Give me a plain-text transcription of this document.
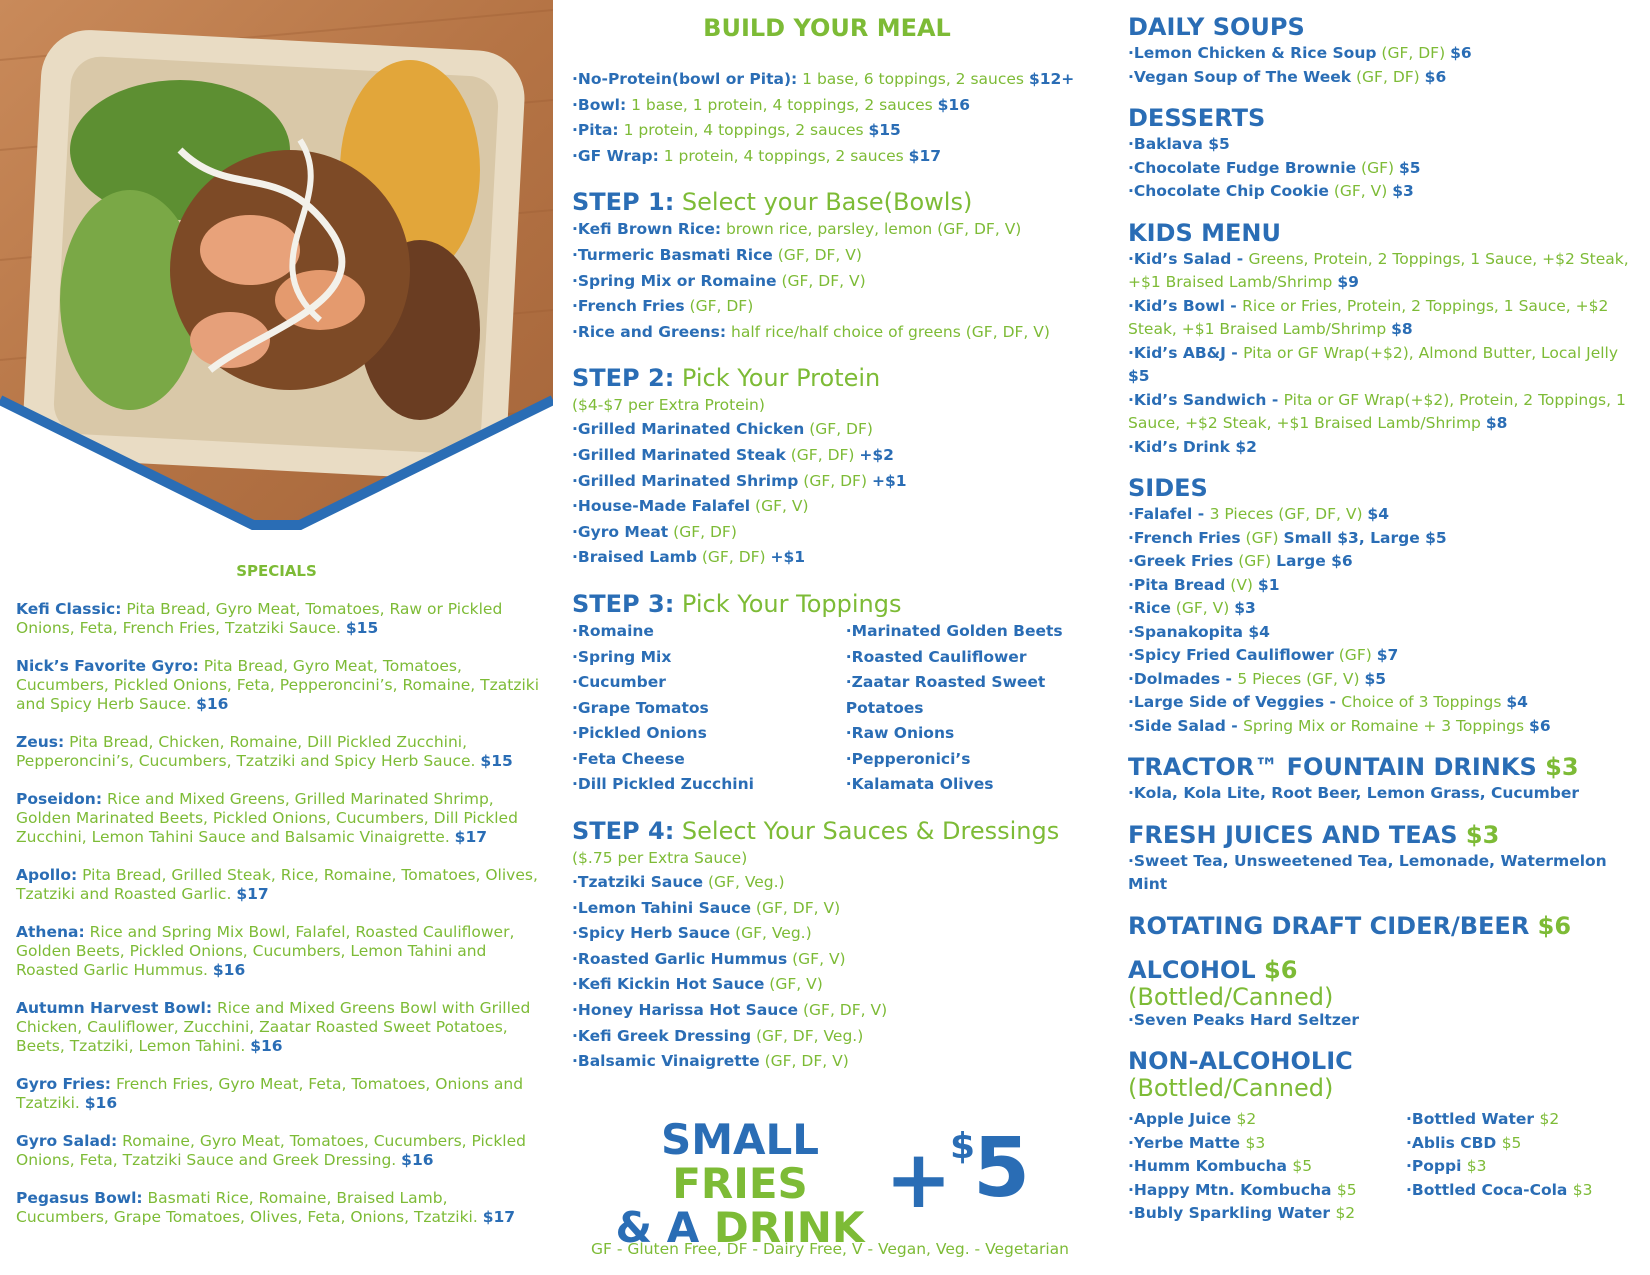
SPECIALS
Kefi Classic: Pita Bread, Gyro Meat, Tomatoes, Raw or Pickled Onions, Feta, French Fries, Tzatziki Sauce. $15
Nick’s Favorite Gyro: Pita Bread, Gyro Meat, Tomatoes, Cucumbers, Pickled Onions, Feta, Pepperoncini’s, Romaine, Tzatziki and Spicy Herb Sauce. $16
Zeus: Pita Bread, Chicken, Romaine, Dill Pickled Zucchini, Pepperoncini’s, Cucumbers, Tzatziki and Spicy Herb Sauce. $15
Poseidon: Rice and Mixed Greens, Grilled Marinated Shrimp, Golden Marinated Beets, Pickled Onions, Cucumbers, Dill Pickled Zucchini, Lemon Tahini Sauce and Balsamic Vinaigrette. $17
Apollo: Pita Bread, Grilled Steak, Rice, Romaine, Tomatoes, Olives, Tzatziki and Roasted Garlic. $17
Athena: Rice and Spring Mix Bowl, Falafel, Roasted Cauliflower, Golden Beets, Pickled Onions, Cucumbers, Lemon Tahini and Roasted Garlic Hummus. $16
Autumn Harvest Bowl: Rice and Mixed Greens Bowl with Grilled Chicken, Cauliflower, Zucchini, Zaatar Roasted Sweet Potatoes, Beets, Tzatziki, Lemon Tahini. $16
Gyro Fries: French Fries, Gyro Meat, Feta, Tomatoes, Onions and Tzatziki. $16
Gyro Salad: Romaine, Gyro Meat, Tomatoes, Cucumbers, Pickled Onions, Feta, Tzatziki Sauce and Greek Dressing. $16
Pegasus Bowl: Basmati Rice, Romaine, Braised Lamb, Cucumbers, Grape Tomatoes, Olives, Feta, Onions, Tzatziki. $17
BUILD YOUR MEAL
·No-Protein(bowl or Pita): 1 base, 6 toppings, 2 sauces $12+
·Bowl: 1 base, 1 protein, 4 toppings, 2 sauces $16
·Pita: 1 protein, 4 toppings, 2 sauces $15
·GF Wrap: 1 protein, 4 toppings, 2 sauces $17
STEP 1: Select your Base(Bowls)
·Kefi Brown Rice: brown rice, parsley, lemon (GF, DF, V)
·Turmeric Basmati Rice (GF, DF, V)
·Spring Mix or Romaine (GF, DF, V)
·French Fries (GF, DF)
·Rice and Greens: half rice/half choice of greens (GF, DF, V)
STEP 2: Pick Your Protein
($4-$7 per Extra Protein)
·Grilled Marinated Chicken (GF, DF)
·Grilled Marinated Steak (GF, DF) +$2
·Grilled Marinated Shrimp (GF, DF) +$1
·House-Made Falafel (GF, V)
·Gyro Meat (GF, DF)
·Braised Lamb (GF, DF) +$1
STEP 3: Pick Your Toppings
·Romaine
·Spring Mix
·Cucumber
·Grape Tomatos
·Pickled Onions
·Feta Cheese
·Dill Pickled Zucchini
·Marinated Golden Beets
·Roasted Cauliflower
·Zaatar Roasted Sweet
Potatoes
·Raw Onions
·Pepperonici’s
·Kalamata Olives
STEP 4: Select Your Sauces & Dressings
($.75 per Extra Sauce)
·Tzatziki Sauce (GF, Veg.)
·Lemon Tahini Sauce (GF, DF, V)
·Spicy Herb Sauce (GF, Veg.)
·Roasted Garlic Hummus (GF, V)
·Kefi Kickin Hot Sauce (GF, V)
·Honey Harissa Hot Sauce (GF, DF, V)
·Kefi Greek Dressing (GF, DF, Veg.)
·Balsamic Vinaigrette (GF, DF, V)
SMALL FRIES
& A DRINK
+
$
5
GF - Gluten Free, DF - Dairy Free, V - Vegan, Veg. - Vegetarian
DAILY SOUPS
·Lemon Chicken & Rice Soup (GF, DF) $6
·Vegan Soup of The Week (GF, DF) $6
DESSERTS
·Baklava $5
·Chocolate Fudge Brownie (GF) $5
·Chocolate Chip Cookie (GF, V) $3
KIDS MENU
·Kid’s Salad - Greens, Protein, 2 Toppings, 1 Sauce, +$2 Steak, +$1 Braised Lamb/Shrimp $9
·Kid’s Bowl - Rice or Fries, Protein, 2 Toppings, 1 Sauce, +$2 Steak, +$1 Braised Lamb/Shrimp $8
·Kid’s AB&J - Pita or GF Wrap(+$2), Almond Butter, Local Jelly $5
·Kid’s Sandwich - Pita or GF Wrap(+$2), Protein, 2 Toppings, 1 Sauce, +$2 Steak, +$1 Braised Lamb/Shrimp $8
·Kid’s Drink $2
SIDES
·Falafel - 3 Pieces (GF, DF, V) $4
·French Fries (GF) Small $3, Large $5
·Greek Fries (GF) Large $6
·Pita Bread (V) $1
·Rice (GF, V) $3
·Spanakopita $4
·Spicy Fried Cauliflower (GF) $7
·Dolmades - 5 Pieces (GF, V) $5
·Large Side of Veggies - Choice of 3 Toppings $4
·Side Salad - Spring Mix or Romaine + 3 Toppings $6
TRACTOR™ FOUNTAIN DRINKS $3
·Kola, Kola Lite, Root Beer, Lemon Grass, Cucumber
FRESH JUICES AND TEAS $3
·Sweet Tea, Unsweetened Tea, Lemonade, Watermelon Mint
ROTATING DRAFT CIDER/BEER $6
ALCOHOL $6
(Bottled/Canned)
·Seven Peaks Hard Seltzer
NON-ALCOHOLIC
(Bottled/Canned)
·Apple Juice $2
·Yerbe Matte $3
·Humm Kombucha $5
·Happy Mtn. Kombucha $5
·Bubly Sparkling Water $2
·Bottled Water $2
·Ablis CBD $5
·Poppi $3
·Bottled Coca-Cola $3
